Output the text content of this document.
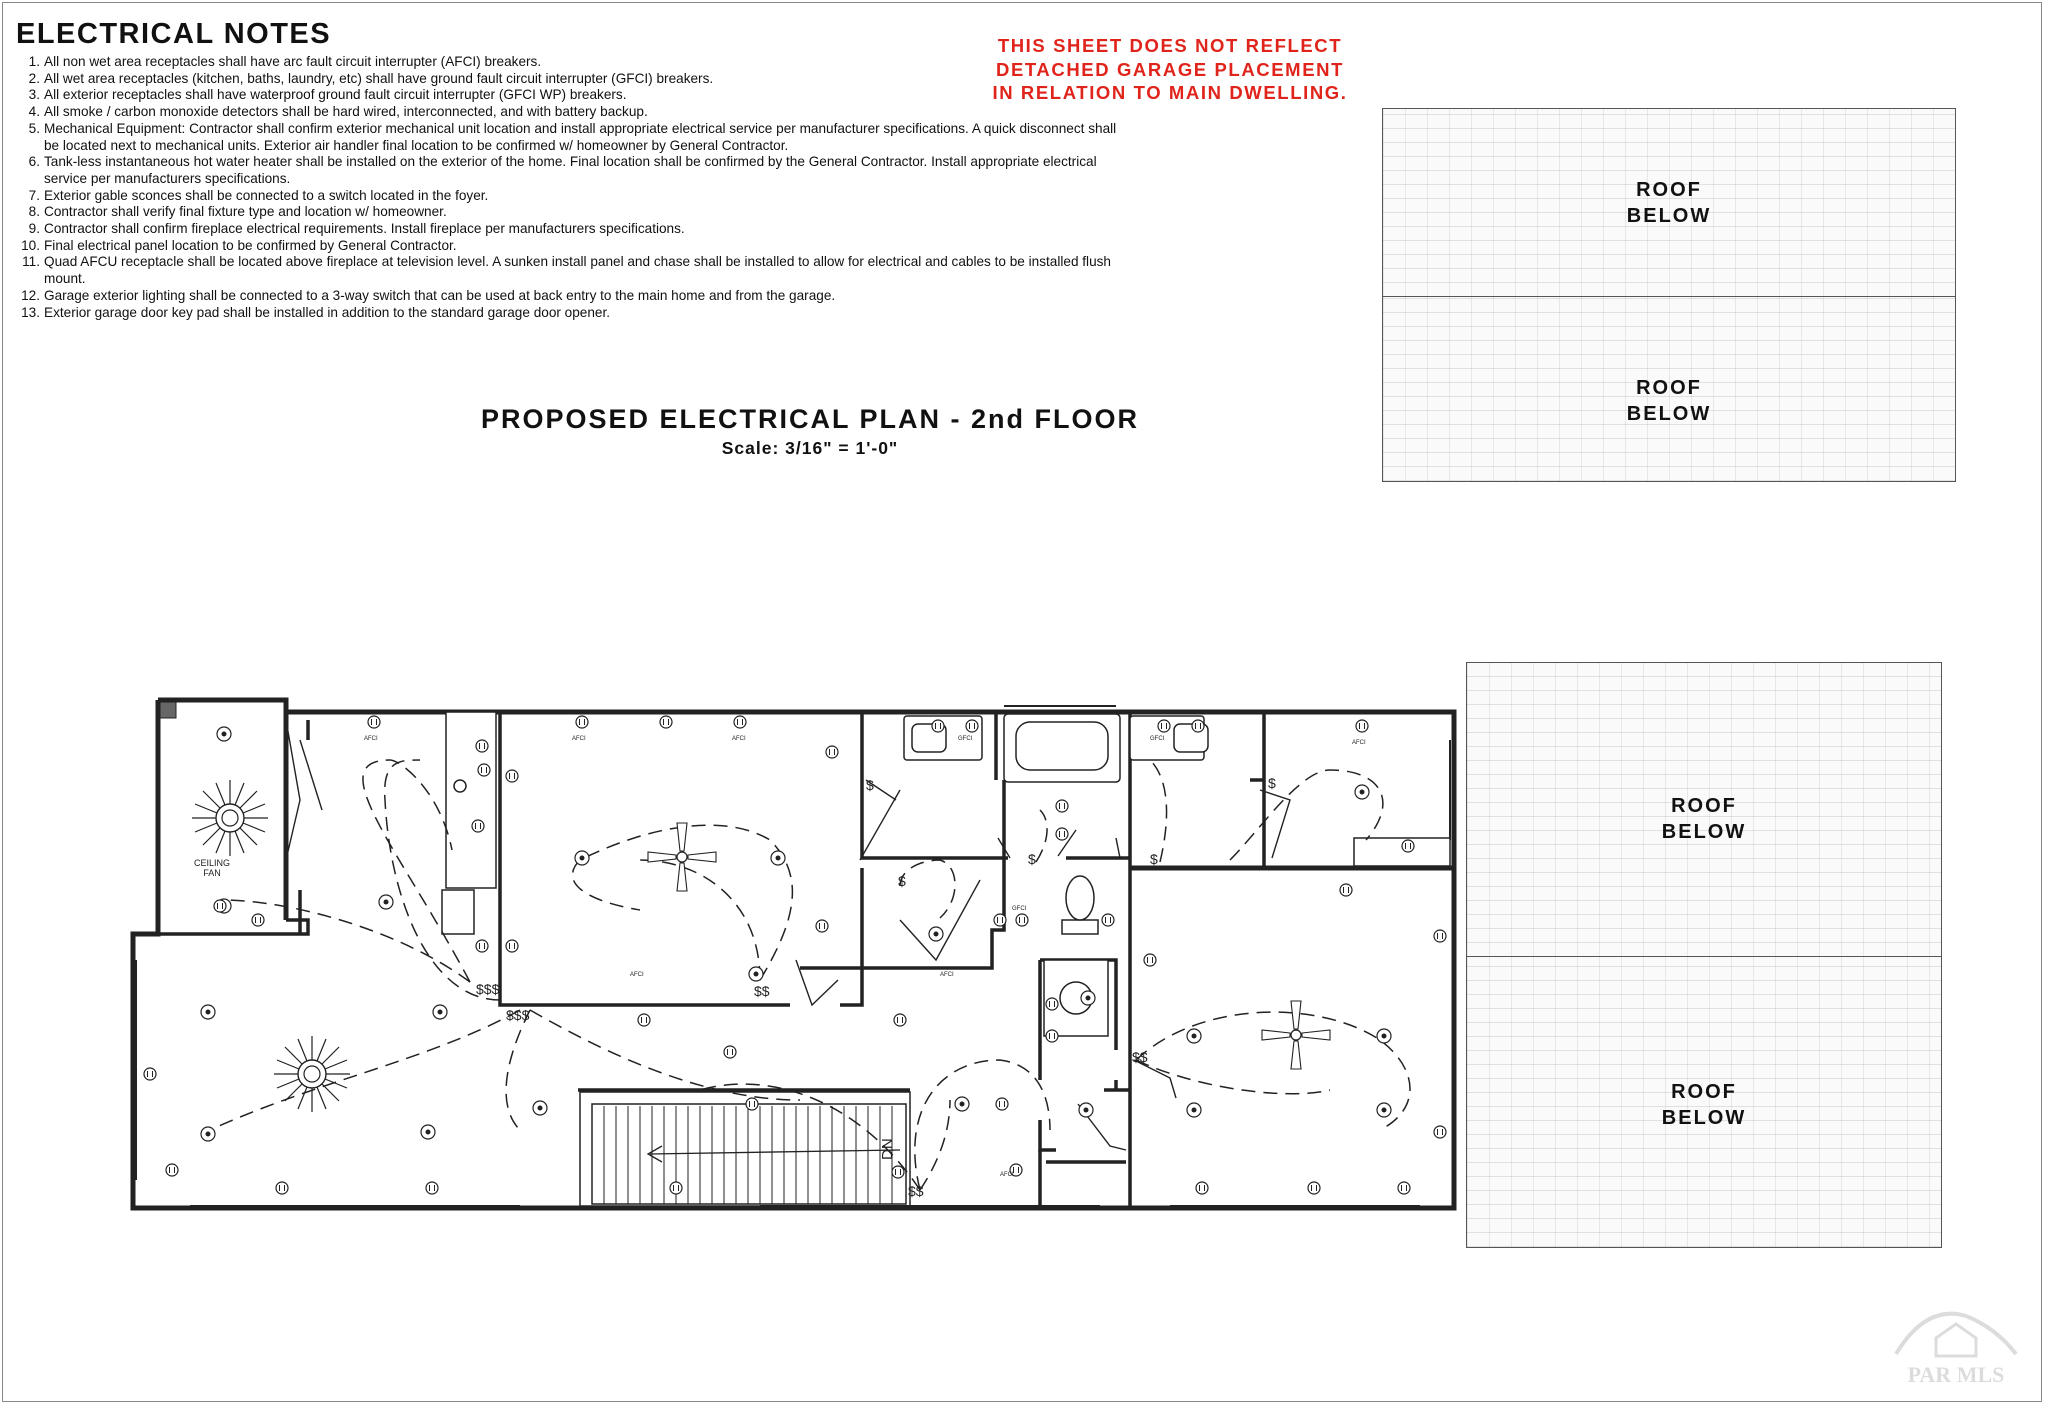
ELECTRICAL NOTES
1. All non wet area receptacles shall have arc fault circuit interrupter (AFCI) breakers.
2. All wet area receptacles (kitchen, baths, laundry, etc) shall have ground fault circuit interrupter (GFCI) breakers.
3. All exterior receptacles shall have waterproof ground fault circuit interrupter (GFCI WP) breakers.
4. All smoke / carbon monoxide detectors shall be hard wired, interconnected, and with battery backup.
5. Mechanical Equipment: Contractor shall confirm exterior mechanical unit location and install appropriate electrical service per manufacturer specifications. A quick disconnect shall be located next to mechanical units. Exterior air handler final location to be confirmed w/ homeowner by General Contractor.
6. Tank-less instantaneous hot water heater shall be installed on the exterior of the home. Final location shall be confirmed by the General Contractor. Install appropriate electrical service per manufacturers specifications.
7. Exterior gable sconces shall be connected to a switch located in the foyer.
8. Contractor shall verify final fixture type and location w/ homeowner.
9. Contractor shall confirm fireplace electrical requirements. Install fireplace per manufacturers specifications.
10. Final electrical panel location to be confirmed by General Contractor.
11. Quad AFCU receptacle shall be located above fireplace at television level. A sunken install panel and chase shall be installed to allow for electrical and cables to be installed flush mount.
12. Garage exterior lighting shall be connected to a 3-way switch that can be used at back entry to the main home and from the garage.
13. Exterior garage door key pad shall be installed in addition to the standard garage door opener.
THIS SHEET DOES NOT REFLECT
DETACHED GARAGE PLACEMENT
IN RELATION TO MAIN DWELLING.
PROPOSED ELECTRICAL PLAN - 2nd FLOOR
Scale: 3/16" = 1'-0"
ROOF
BELOW
ROOF
BELOW
ROOF
BELOW
ROOF
BELOW
CEILING
FAN
DN
$$$
$$$
$$
$$
$$
$	$
$
$
$
AFCI	AFCI	AFCI
AFCI	AFCI
AFCI
AFCI
GFCI	GFCI
GFCI
PAR MLS
